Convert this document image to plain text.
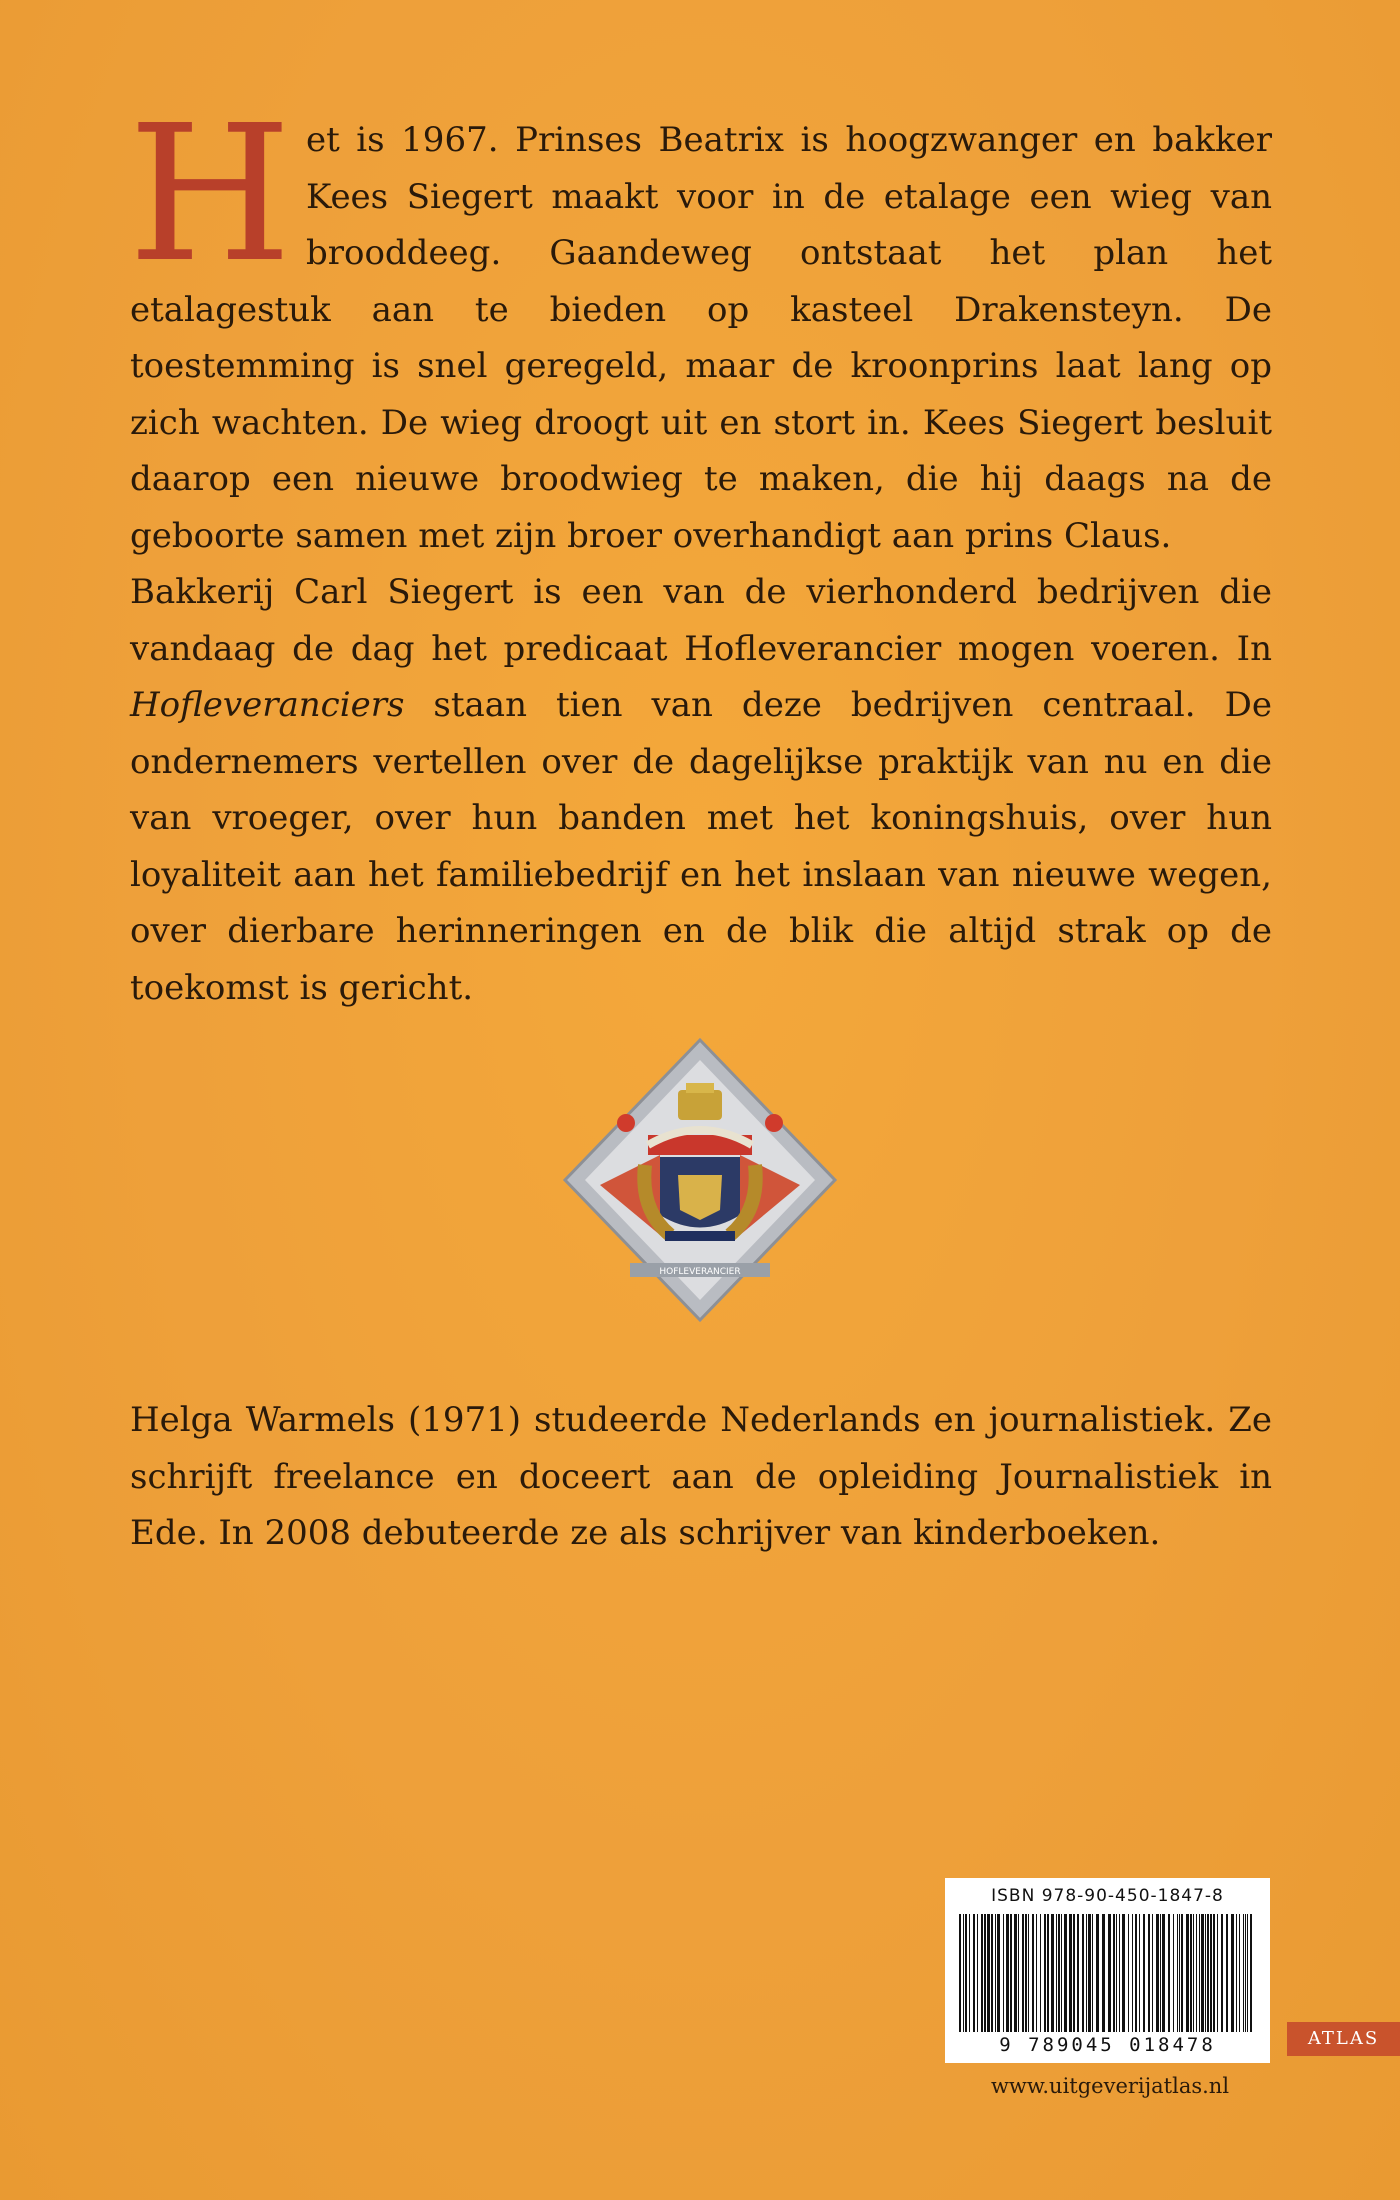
Het is 1967. Prinses Beatrix is hoogzwanger en bakker Kees Siegert maakt voor in de etalage een wieg van brooddeeg. Gaandeweg ontstaat het plan het etalagestuk aan te bieden op kasteel Drakensteyn. De toestemming is snel geregeld, maar de kroonprins laat lang op zich wachten. De wieg droogt uit en stort in. Kees Siegert besluit daarop een nieuwe broodwieg te maken, die hij daags na de geboorte samen met zijn broer overhandigt aan prins Claus.

Bakkerij Carl Siegert is een van de vierhonderd bedrijven die vandaag de dag het predicaat Hofleverancier mogen voeren. In Hofleveranciers staan tien van deze bedrijven centraal. De ondernemers vertellen over de dagelijkse praktijk van nu en die van vroeger, over hun banden met het koningshuis, over hun loyaliteit aan het familiebedrijf en het inslaan van nieuwe wegen, over dierbare herinneringen en de blik die altijd strak op de toekomst is gericht.

HOFLEVERANCIER
Helga Warmels (1971) studeerde Nederlands en journalistiek. Ze schrijft freelance en doceert aan de opleiding Journalistiek in Ede. In 2008 debuteerde ze als schrijver van kinderboeken.
ISBN 978-90-450-1847-8
9 789045 018478	ATLAS
www.uitgeverijatlas.nl
